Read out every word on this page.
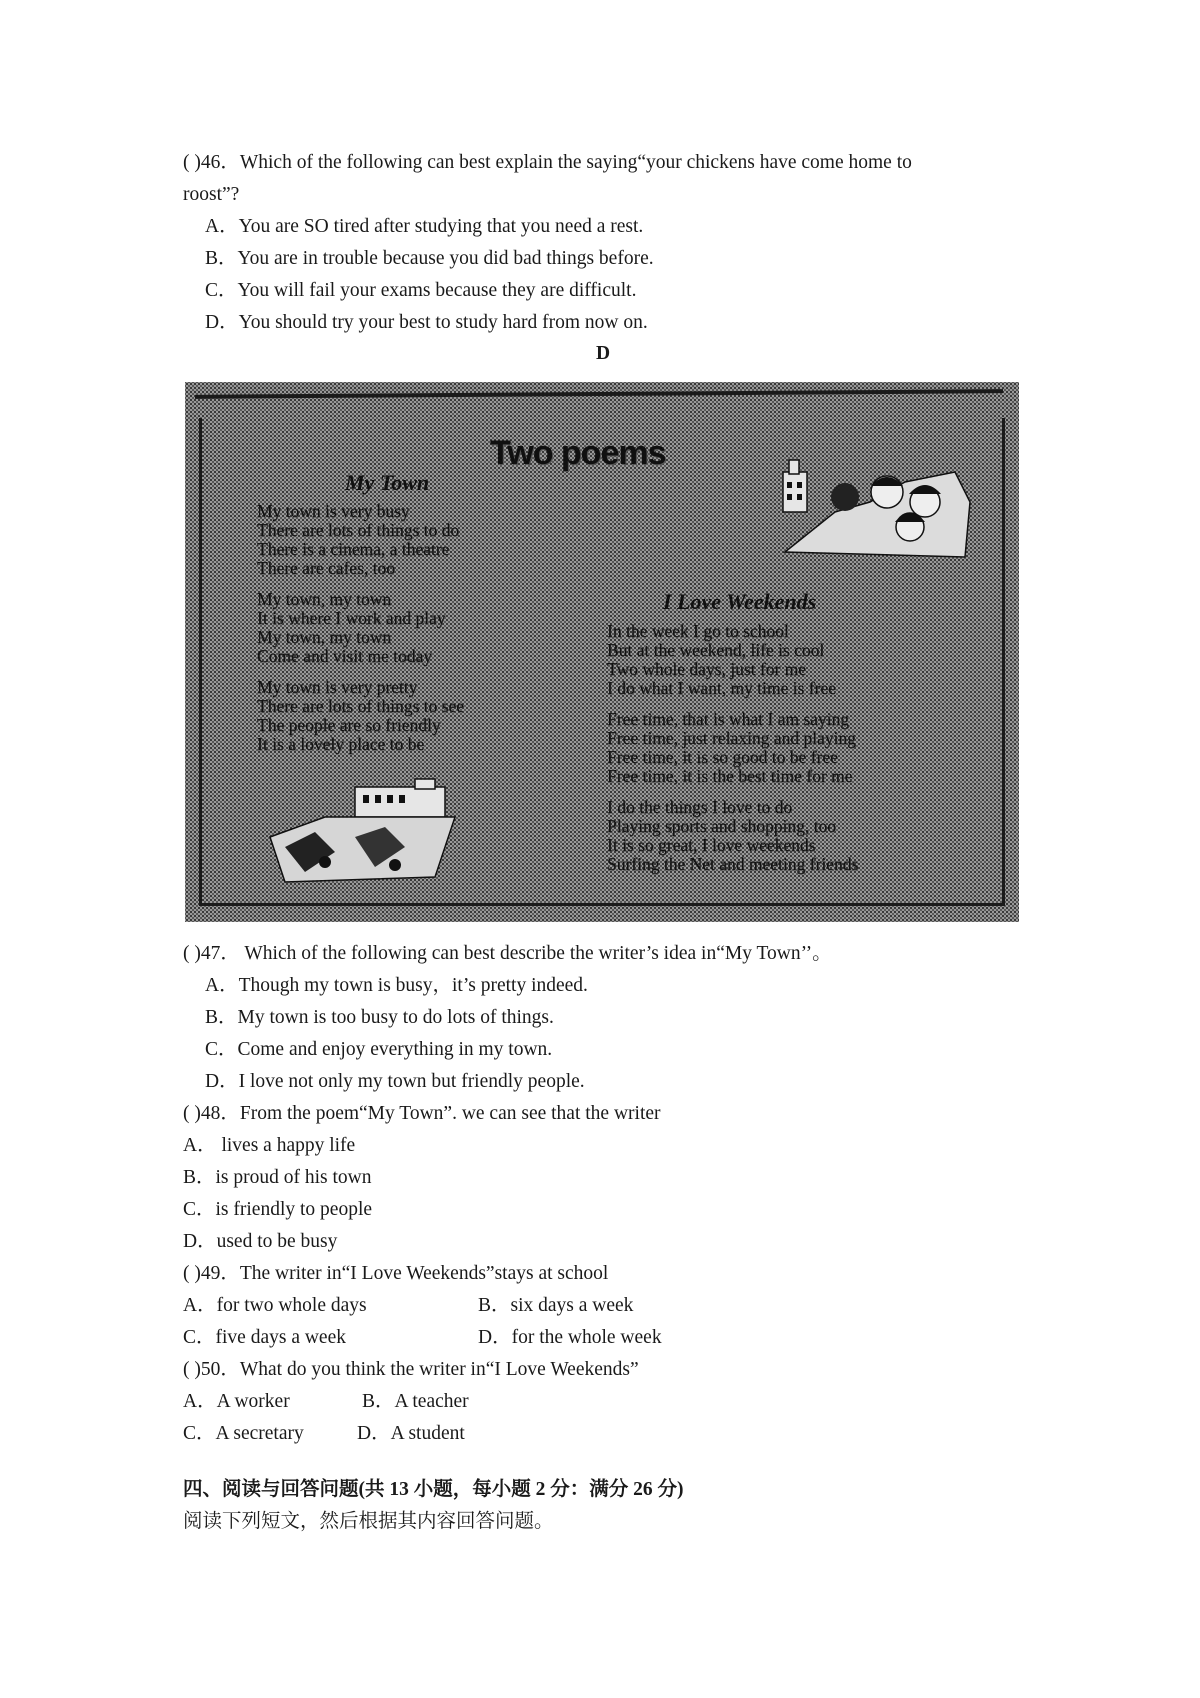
( )46．Which of the following can best explain the saying“your chickens have come home to
roost”?
A．You are SO tired after studying that you need a rest.
B．You are in trouble because you did bad things before.
C．You will fail your exams because they are difficult.
D．You should try your best to study hard from now on.
D
Two poems
My Town
My town is very busy
There are lots of things to do
There is a cinema, a theatre
There are cafes, too
My town, my town
It is where I work and play
My town, my town
Come and visit me today
My town is very pretty
There are lots of things to see
The people are so friendly
It is a lovely place to be
I Love Weekends
In the week I go to school
But at the weekend, life is cool
Two whole days, just for me
I do what I want, my time is free
Free time, that is what I am saying
Free time, just relaxing and playing
Free time, it is so good to be free
Free time, it is the best time for me
I do the things I love to do
Playing sports and shopping, too
It is so great, I love weekends
Surfing the Net and meeting friends
( )47． Which of the following can best describe the writer’s idea in“My Town’’。
A．Though my town is busy，it’s pretty indeed.
B．My town is too busy to do lots of things.
C．Come and enjoy everything in my town.
D．I love not only my town but friendly people.
( )48．From the poem“My Town”. we can see that the writer
A． lives a happy life
B．is proud of his town
C．is friendly to people
D．used to be busy
( )49．The writer in“I Love Weekends”stays at school
A．for two whole days	B．six days a week
C．five days a week	D．for the whole week
( )50．What do you think the writer in“I Love Weekends”
A．A worker	B．A teacher
C．A secretary	D．A student
四、阅读与回答问题(共 13 小题，每小题 2 分：满分 26 分)
阅读下列短文，然后根据其内容回答问题。
